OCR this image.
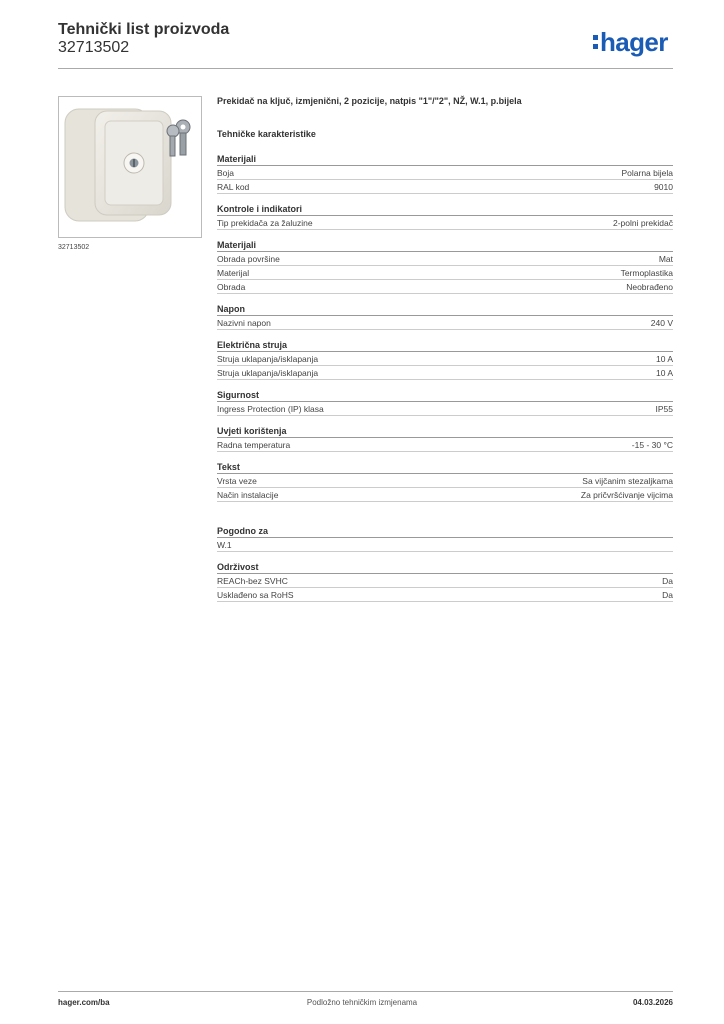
Tehnički list proizvoda
32713502	hager
32713502
Prekidač na ključ, izmjenični, 2 pozicije, natpis "1"/"2", NŽ, W.1, p.bijela
Tehničke karakteristike
Materijali
Boja	Polarna bijela
RAL kod	9010
Kontrole i indikatori
Tip prekidača za žaluzine	2-polni prekidač
Materijali
Obrada površine	Mat
Materijal	Termoplastika
Obrada	Neobrađeno
Napon
Nazivni napon	240 V
Električna struja
Struja uklapanja/isklapanja	10 A
Struja uklapanja/isklapanja	10 A
Sigurnost
Ingress Protection (IP) klasa	IP55
Uvjeti korištenja
Radna temperatura	-15 - 30 °C
Tekst
Vrsta veze	Sa vijčanim stezaljkama
Način instalacije	Za pričvršćivanje vijcima
Pogodno za
W.1
Održivost
REACh-bez SVHC	Da
Usklađeno sa RoHS	Da
hager.com/ba	Podložno tehničkim izmjenama	04.03.2026
